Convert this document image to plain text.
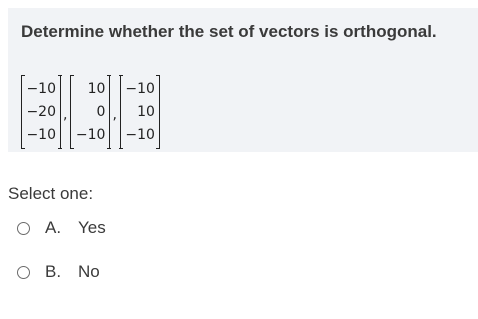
Determine whether the set of vectors is orthogonal.
−10
−20
−10
,
10
0
−10
,
−10
10
−10
Select one:
A. Yes
B. No
